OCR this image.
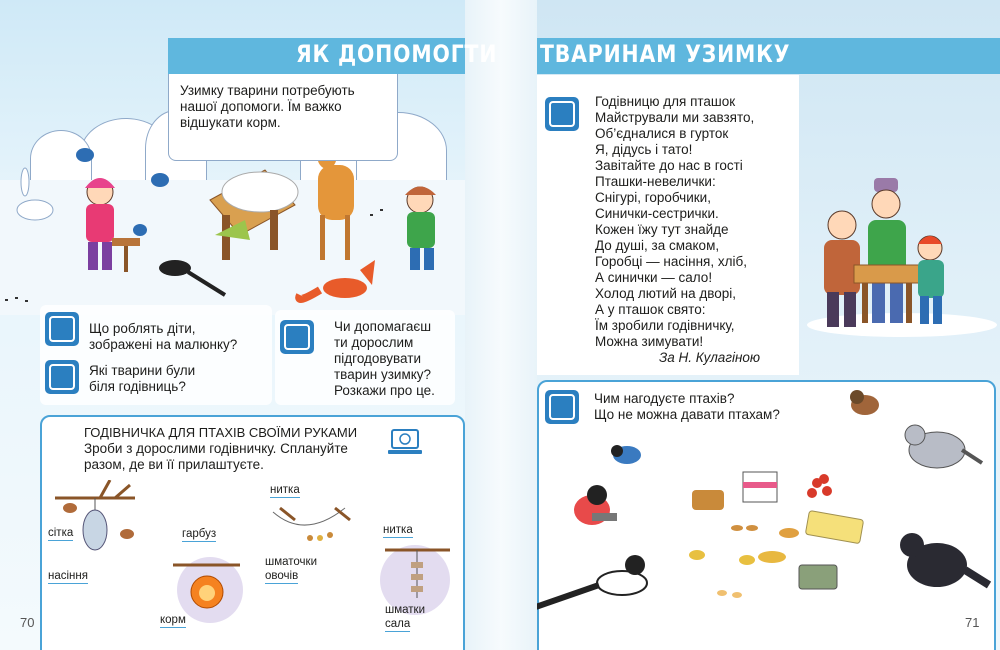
Узимку тварини потребують
нашої допомоги. Їм важко
відшукати корм.
Що роблять діти,
зображені на малюнку?
Які тварини були
біля годівниць?
Чи допомагаєш
ти дорослим
підгодовувати
тварин узимку?
Розкажи про це.
ГОДІВНИЧКА ДЛЯ ПТАХІВ СВОЇМИ РУКАМИ
Зроби з дорослими годівничку. Сплануйте
разом, де ви її прилаштуєте.
сітка
насіння
гарбуз
корм
нитка
шматочки
овочів
нитка
шматки
сала
70
Годівницю для пташок
Майстрували ми завзято,
Об’єдналися в гурток
Я, дідусь і тато!
Завітайте до нас в гості
Пташки-невелички:
Снігурі, горобчики,
Синички-сестрички.
Кожен їжу тут знайде
До душі, за смаком,
Горобці — насіння, хліб,
А синички — сало!
Холод лютий на дворі,
А у пташок свято:
Їм зробили годівничку,
Можна зимувати!
За Н. Кулагіною
Чим нагодуєте птахів?
Що не можна давати птахам?
71
ЯК ДОПОМОГТИ ТВАРИНАМ УЗИМКУ
